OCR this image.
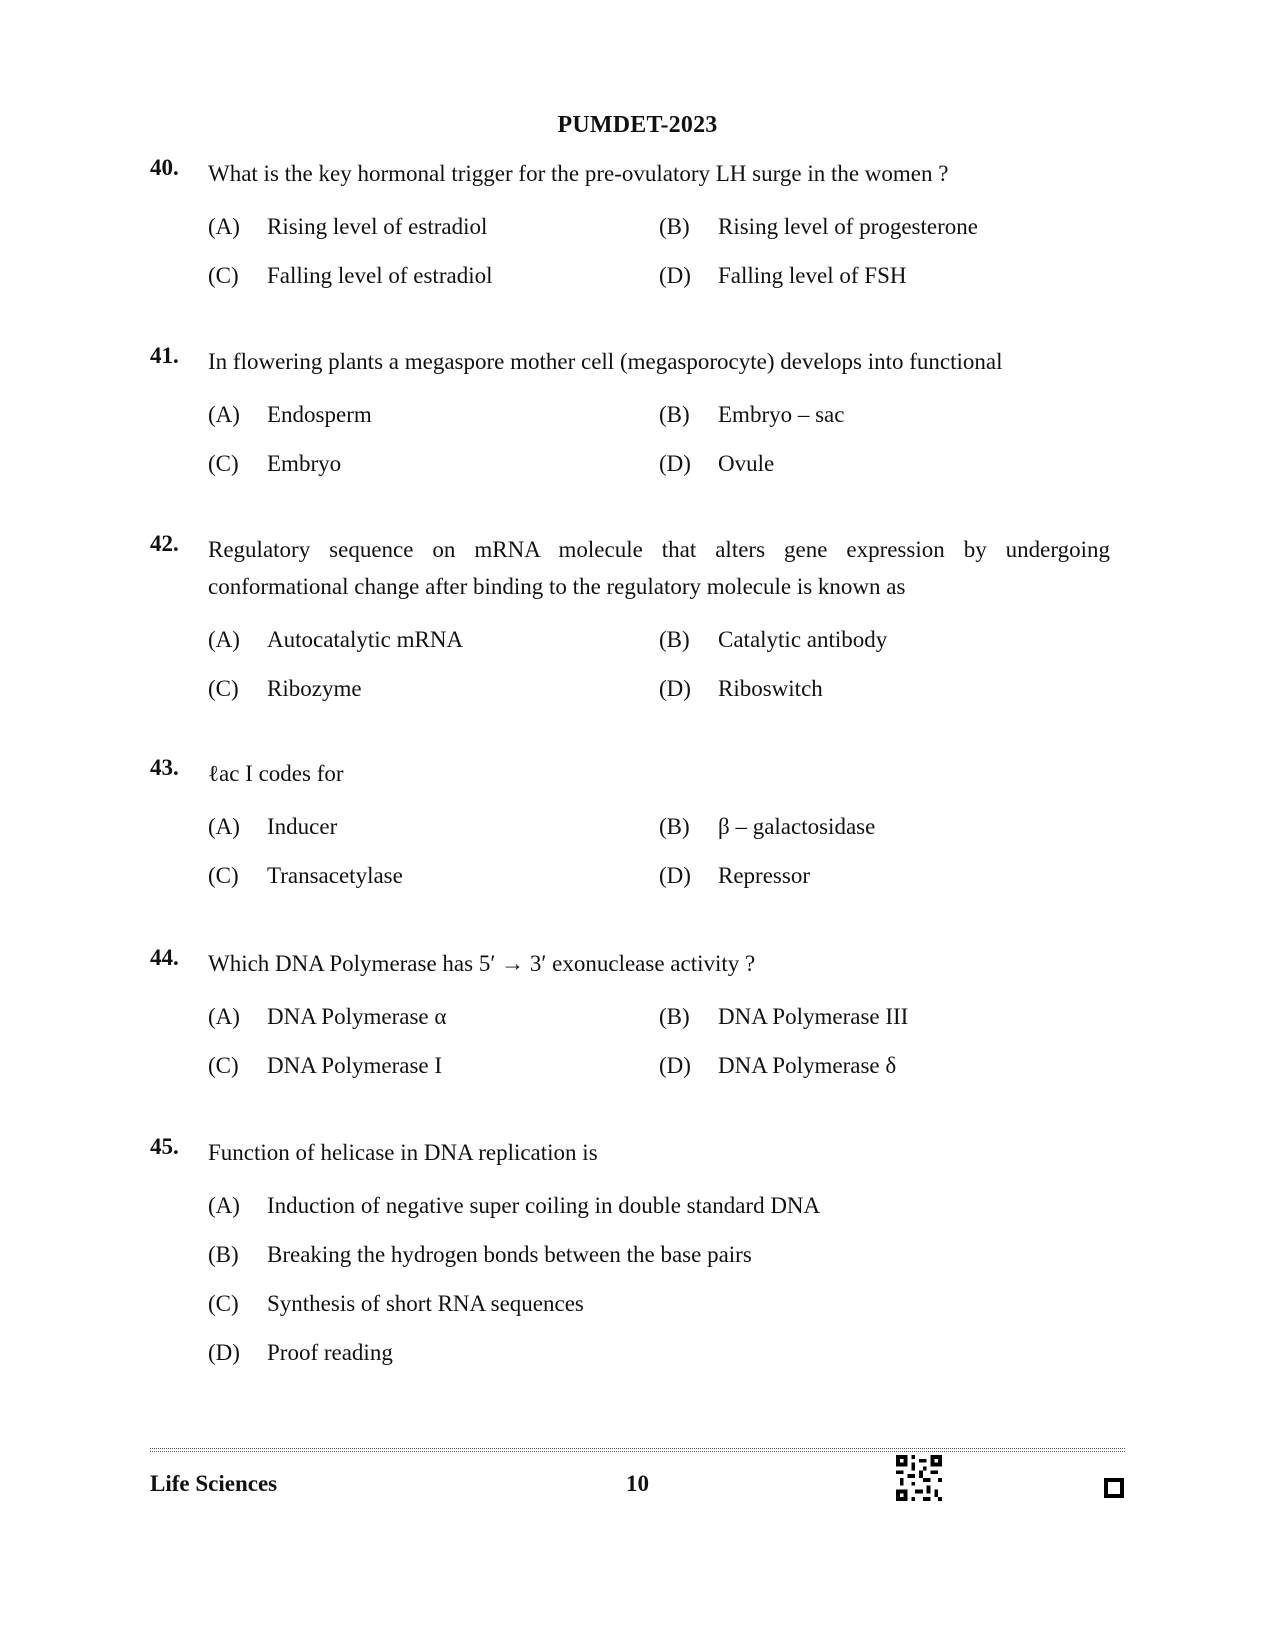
PUMDET-2023
40. What is the key hormonal trigger for the pre-ovulatory LH surge in the women ?
(A)	Rising level of estradiol	(B)	Rising level of progesterone
(C)	Falling level of estradiol	(D)	Falling level of FSH
41. In flowering plants a megaspore mother cell (megasporocyte) develops into functional
(A)	Endosperm	(B)	Embryo – sac
(C)	Embryo	(D)	Ovule
42. Regulatory sequence on mRNA molecule that alters gene expression by undergoing conformational change after binding to the regulatory molecule is known as
(A)	Autocatalytic mRNA	(B)	Catalytic antibody
(C)	Ribozyme	(D)	Riboswitch
43. ℓac I codes for
(A)	Inducer	(B)	β – galactosidase
(C)	Transacetylase	(D)	Repressor
44. Which DNA Polymerase has 5′ → 3′ exonuclease activity ?
(A)	DNA Polymerase α	(B)	DNA Polymerase III
(C)	DNA Polymerase I	(D)	DNA Polymerase δ
45. Function of helicase in DNA replication is
(A)	Induction of negative super coiling in double standard DNA
(B)	Breaking the hydrogen bonds between the base pairs
(C)	Synthesis of short RNA sequences
(D)	Proof reading
Life Sciences	10
